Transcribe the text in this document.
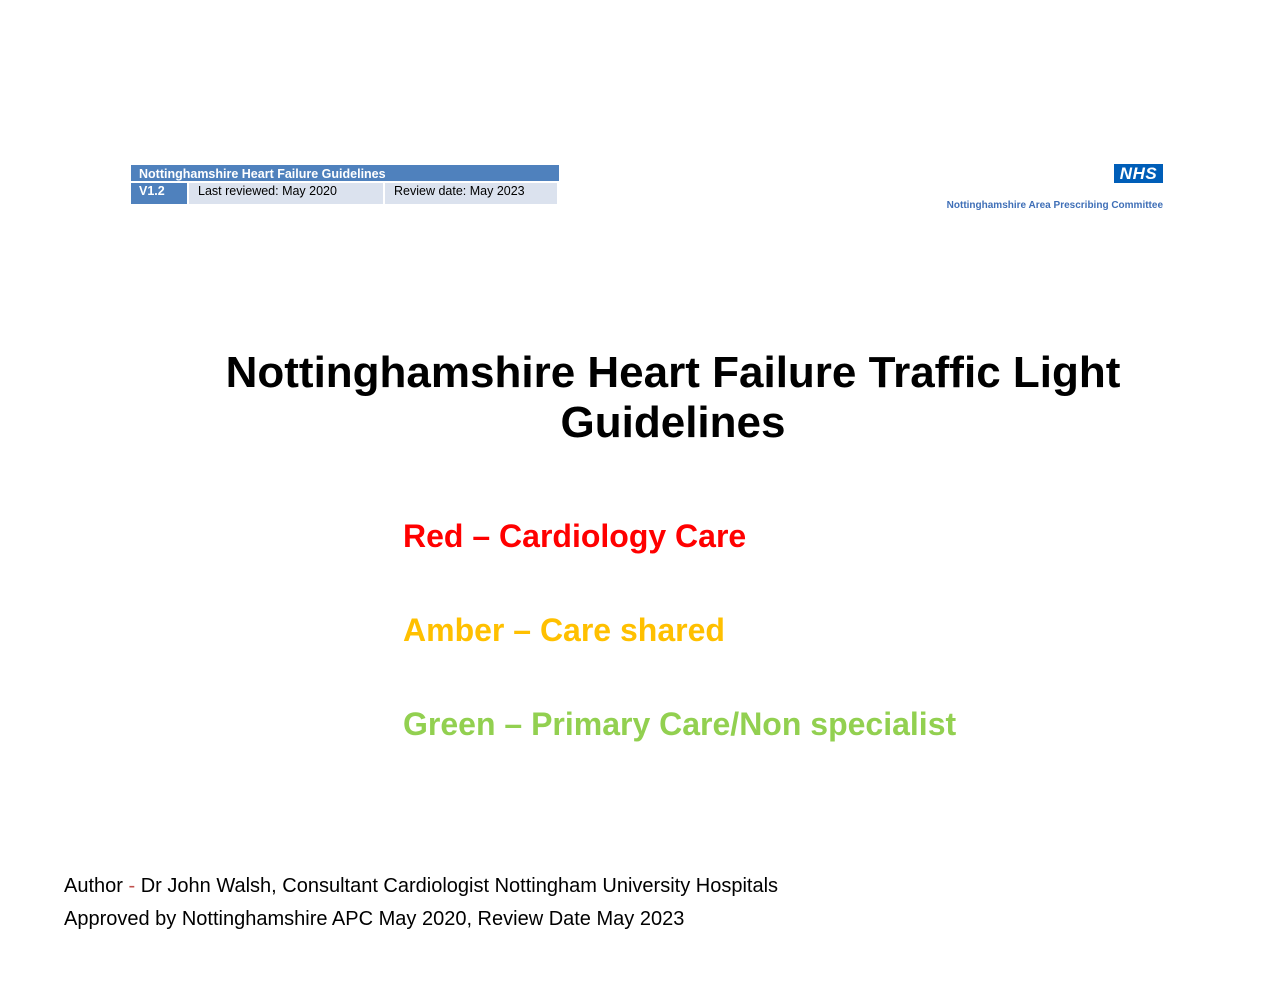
Nottinghamshire Heart Failure Guidelines
V1.2	Last reviewed: May 2020	Review date: May 2023
NHS
Nottinghamshire Area Prescribing Committee
Nottinghamshire Heart Failure Traffic Light
Guidelines
Red – Cardiology Care
Amber – Care shared
Green – Primary Care/Non specialist
Author - Dr John Walsh, Consultant Cardiologist Nottingham University Hospitals
Approved by Nottinghamshire APC May 2020, Review Date May 2023
